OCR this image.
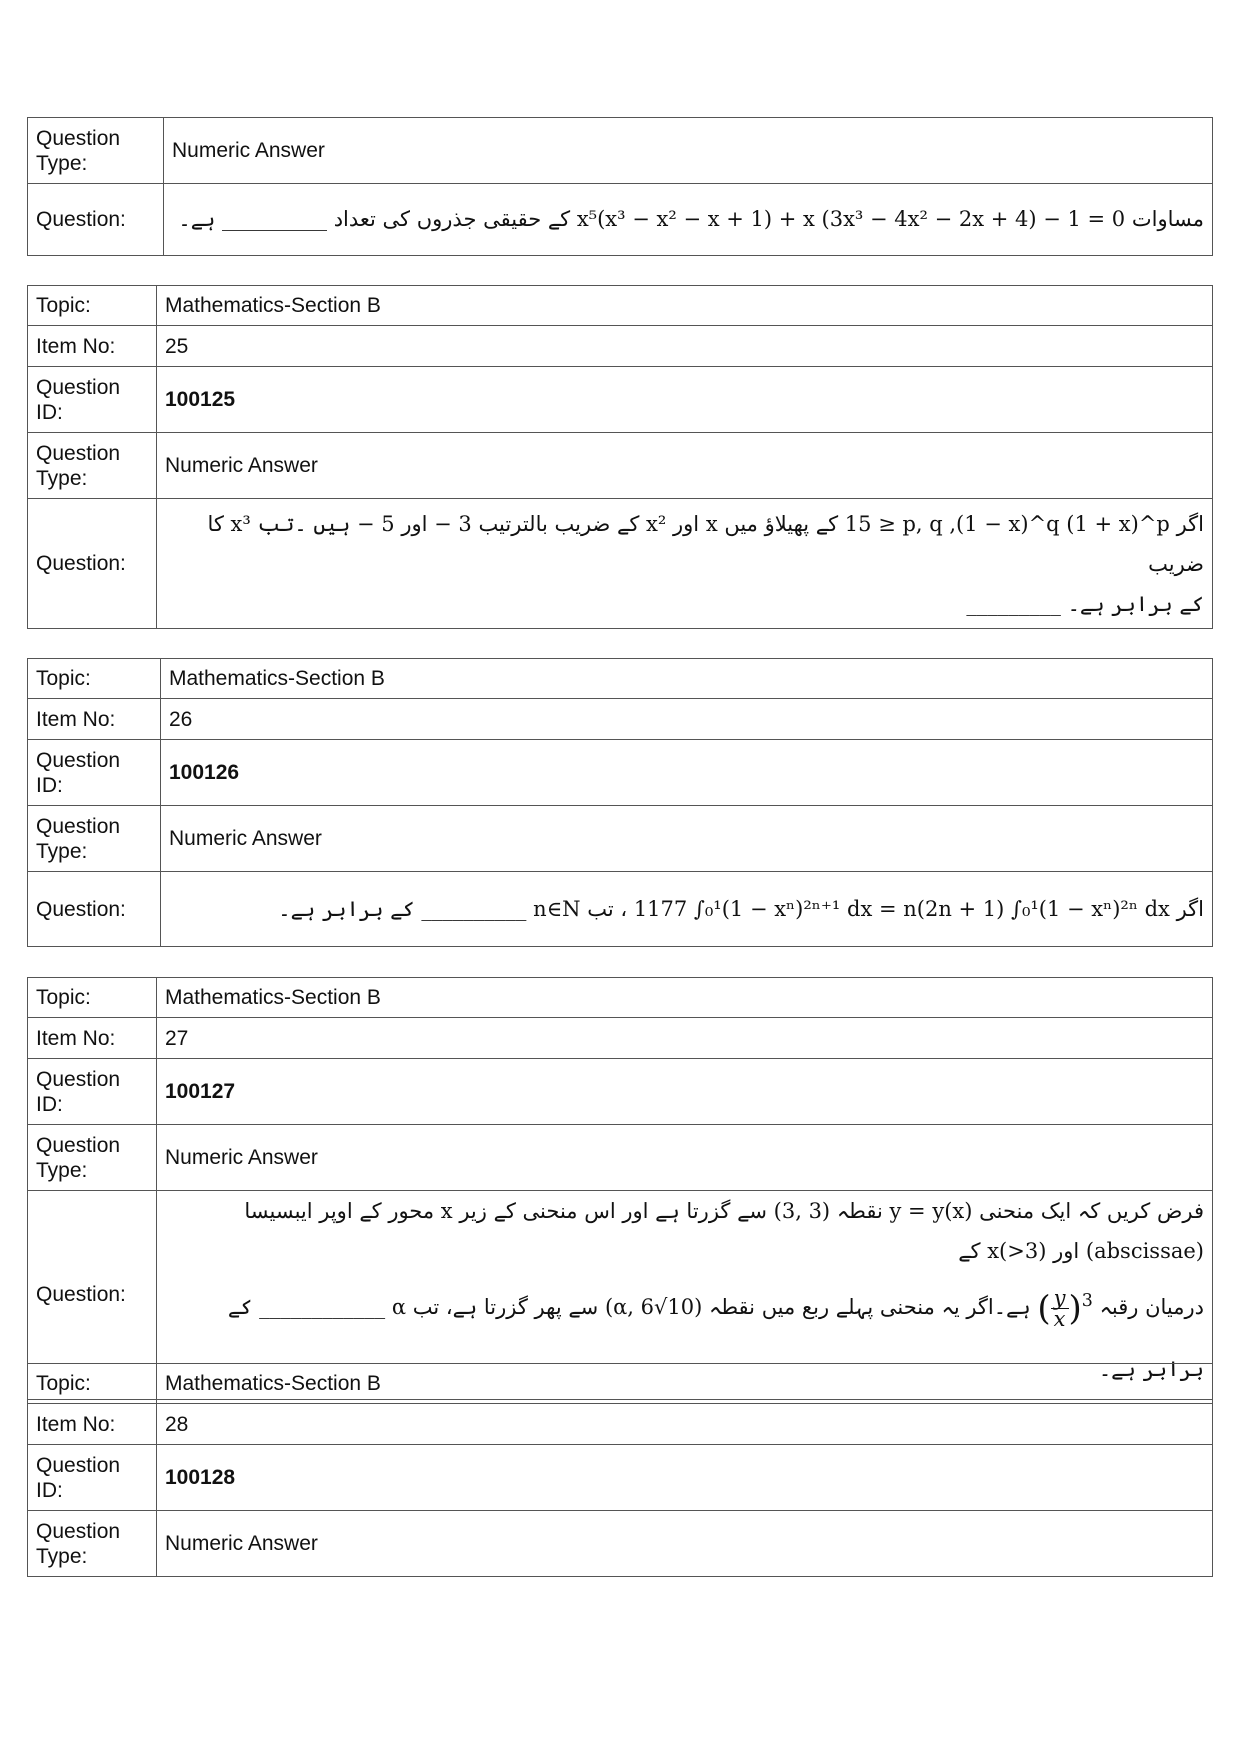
Question
Type:	Numeric Answer
Question:	مساوات x⁵(x³ − x² − x + 1) + x (3x³ − 4x² − 2x + 4) − 1 = 0 کے حقیقی جذروں کی تعداد __________ ہے۔
Topic:	Mathematics-Section B
Item No:	25
Question
ID:	100125
Question
Type:	Numeric Answer
Question:	اگر 15 ≥ p, q ,(1 − x)^q (1 + x)^p کے پھیلاؤ میں x اور x² کے ضریب بالترتیب 3 − اور 5 − ہیں ۔تب x³ کا ضریب
کے برابر ہے۔ _________
Topic:	Mathematics-Section B
Item No:	26
Question
ID:	100126
Question
Type:	Numeric Answer
Question:	اگر 1177 ∫₀¹(1 − xⁿ)²ⁿ⁺¹ dx = n(2n + 1) ∫₀¹(1 − xⁿ)²ⁿ dx ، تب n∈N __________ کے برابر ہے۔
Topic:	Mathematics-Section B
Item No:	27
Question
ID:	100127
Question
Type:	Numeric Answer
Question:	فرض کریں کہ ایک منحنی y = y(x) نقطہ (3, 3) سے گزرتا ہے اور اس منحنی کے زیر x محور کے اوپر ایبسیسا (abscissae) اور x(>3) کے
درمیان رقبہ ( $\frac{y}{x} )^3$ ہے۔اگر یہ منحنی پہلے ربع میں نقطہ (α, 6√10) سے پھر گزرتا ہے، تب α ____________ کے برابر ہے۔
Topic:	Mathematics-Section B
Item No:	28
Question
ID:	100128
Question
Type:	Numeric Answer
